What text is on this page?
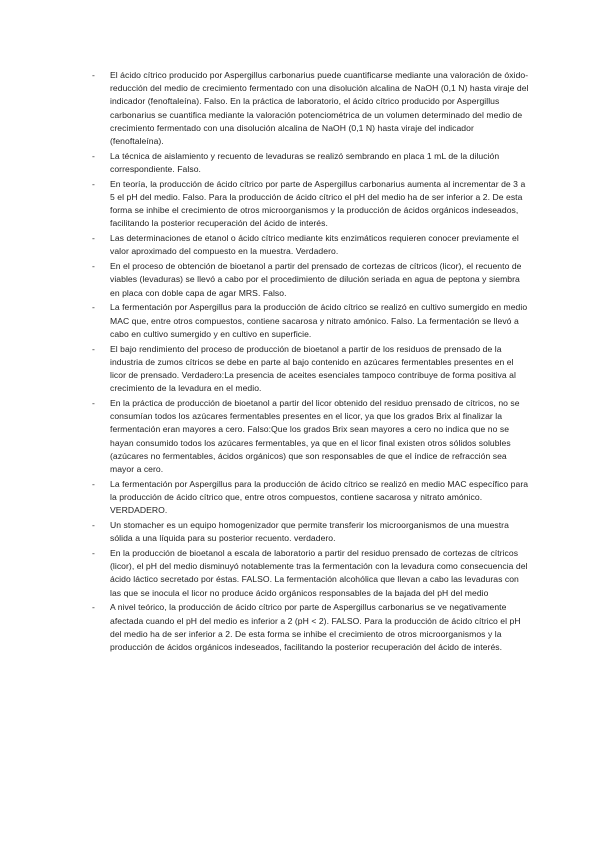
-	El ácido cítrico producido por Aspergillus carbonarius puede cuantificarse mediante una valoración de óxido-reducción del medio de crecimiento fermentado con una disolución alcalina de NaOH (0,1 N) hasta viraje del indicador (fenoftaleína). Falso. En la práctica de laboratorio, el ácido cítrico producido por Aspergillus carbonarius se cuantifica mediante la valoración potenciométrica de un volumen determinado del medio de crecimiento fermentado con una disolución alcalina de NaOH (0,1 N) hasta viraje del indicador (fenoftaleína).
-	La técnica de aislamiento y recuento de levaduras se realizó sembrando en placa 1 mL de la dilución correspondiente. Falso.
-	En teoría, la producción de ácido cítrico por parte de Aspergillus carbonarius aumenta al incrementar de 3 a 5 el pH del medio. Falso. Para la producción de ácido cítrico el pH del medio ha de ser inferior a 2. De esta forma se inhibe el crecimiento de otros microorganismos y la producción de ácidos orgánicos indeseados, facilitando la posterior recuperación del ácido de interés.
-	Las determinaciones de etanol o ácido cítrico mediante kits enzimáticos requieren conocer previamente el valor aproximado del compuesto en la muestra. Verdadero.
-	En el proceso de obtención de bioetanol a partir del prensado de cortezas de cítricos (licor), el recuento de viables (levaduras) se llevó a cabo por el procedimiento de dilución seriada en agua de peptona y siembra en placa con doble capa de agar MRS. Falso.
-	La fermentación por Aspergillus para la producción de ácido cítrico se realizó en cultivo sumergido en medio MAC que, entre otros compuestos, contiene sacarosa y nitrato amónico. Falso. La fermentación se llevó a cabo en cultivo sumergido y en cultivo en superficie.
-	El bajo rendimiento del proceso de producción de bioetanol a partir de los residuos de prensado de la industria de zumos cítricos se debe en parte al bajo contenido en azúcares fermentables presentes en el licor de prensado. Verdadero:La presencia de aceites esenciales tampoco contribuye de forma positiva al crecimiento de la levadura en el medio.
-	En la práctica de producción de bioetanol a partir del licor obtenido del residuo prensado de cítricos, no se consumían todos los azúcares fermentables presentes en el licor, ya que los grados Brix al finalizar la fermentación eran mayores a cero. Falso:Que los grados Brix sean mayores a cero no indica que no se hayan consumido todos los azúcares fermentables, ya que en el licor final existen otros sólidos solubles (azúcares no fermentables, ácidos orgánicos) que son responsables de que el índice de refracción sea mayor a cero.
-	La fermentación por Aspergillus para la producción de ácido cítrico se realizó en medio MAC específico para la producción de ácido cítrico que, entre otros compuestos, contiene sacarosa y nitrato amónico. VERDADERO.
-	Un stomacher es un equipo homogenizador que permite transferir los microorganismos de una muestra sólida a una líquida para su posterior recuento. verdadero.
-	En la producción de bioetanol a escala de laboratorio a partir del residuo prensado de cortezas de cítricos (licor), el pH del medio disminuyó notablemente tras la fermentación con la levadura como consecuencia del ácido láctico secretado por éstas. FALSO. La fermentación alcohólica que llevan a cabo las levaduras con las que se inocula el licor no produce ácido orgánicos responsables de la bajada del pH del medio
-	A nivel teórico, la producción de ácido cítrico por parte de Aspergillus carbonarius se ve negativamente afectada cuando el pH del medio es inferior a 2 (pH < 2). FALSO. Para la producción de ácido cítrico el pH del medio ha de ser inferior a 2. De esta forma se inhibe el crecimiento de otros microorganismos y la producción de ácidos orgánicos indeseados, facilitando la posterior recuperación del ácido de interés.
